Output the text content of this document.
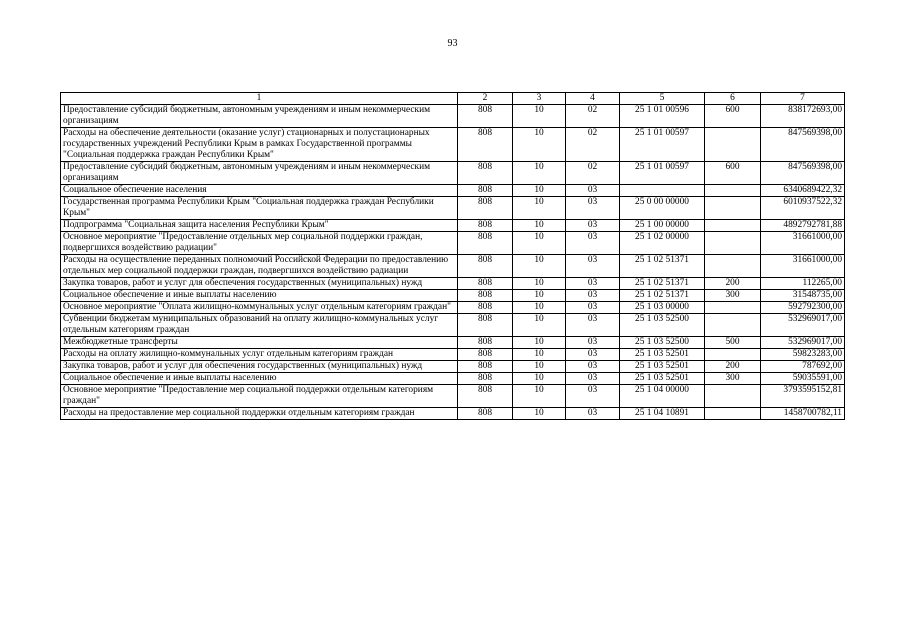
93
1	2	3	4	5	6	7
Предоставление субсидий бюджетным, автономным учреждениям и иным некоммерческим организациям	808	10	02	25 1 01 00596	600	838172693,00
Расходы на обеспечение деятельности (оказание услуг) стационарных и полустационарных государственных учреждений Республики Крым в рамках Государственной программы "Социальная поддержка граждан Республики Крым"	808	10	02	25 1 01 00597		847569398,00
Предоставление субсидий бюджетным, автономным учреждениям и иным некоммерческим организациям	808	10	02	25 1 01 00597	600	847569398,00
Социальное обеспечение населения	808	10	03			6340689422,32
Государственная программа Республики Крым "Социальная поддержка граждан Республики Крым"	808	10	03	25 0 00 00000		6010937522,32
Подпрограмма "Социальная защита населения Республики Крым"	808	10	03	25 1 00 00000		4892792781,88
Основное мероприятие "Предоставление отдельных мер социальной поддержки граждан, подвергшихся воздействию радиации"	808	10	03	25 1 02 00000		31661000,00
Расходы на осуществление переданных полномочий Российской Федерации по предоставлению отдельных мер социальной поддержки граждан, подвергшихся воздействию радиации	808	10	03	25 1 02 51371		31661000,00
Закупка товаров, работ и услуг для обеспечения государственных (муниципальных) нужд	808	10	03	25 1 02 51371	200	112265,00
Социальное обеспечение и иные выплаты населению	808	10	03	25 1 02 51371	300	31548735,00
Основное мероприятие "Оплата жилищно-коммунальных услуг отдельным категориям граждан"	808	10	03	25 1 03 00000		592792300,00
Субвенции бюджетам муниципальных образований на оплату жилищно-коммунальных услуг отдельным категориям граждан	808	10	03	25 1 03 52500		532969017,00
Межбюджетные трансферты	808	10	03	25 1 03 52500	500	532969017,00
Расходы на оплату жилищно-коммунальных услуг отдельным категориям граждан	808	10	03	25 1 03 52501		59823283,00
Закупка товаров, работ и услуг для обеспечения государственных (муниципальных) нужд	808	10	03	25 1 03 52501	200	787692,00
Социальное обеспечение и иные выплаты населению	808	10	03	25 1 03 52501	300	59035591,00
Основное мероприятие "Предоставление мер социальной поддержки отдельным категориям граждан"	808	10	03	25 1 04 00000		3793595152,81
Расходы на предоставление мер социальной поддержки отдельным категориям граждан	808	10	03	25 1 04 10891		1458700782,11
